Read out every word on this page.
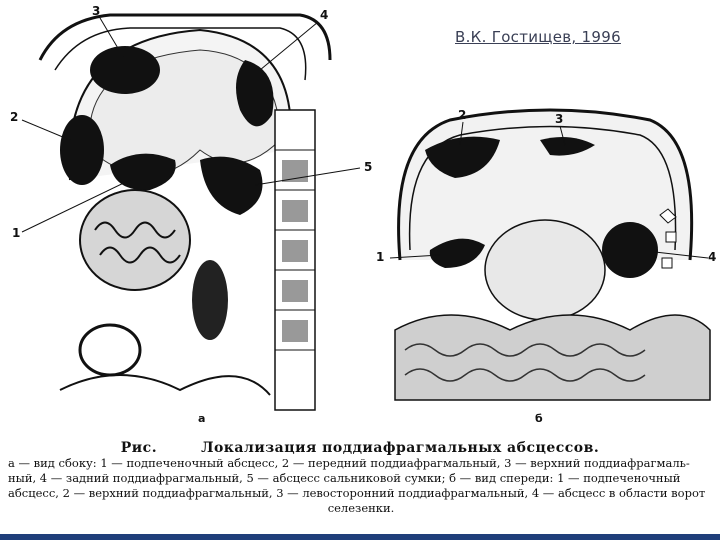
В.К. Гостищев, 1996
3	4
2
5
1
а
2	3
1	4
б
Рис.	Локализация поддиафрагмальных абсцессов.
а — вид сбоку: 1 — подпеченочный абсцесс, 2 — передний поддиафрагмальный, 3 — верхний поддиафрагмаль-
ный, 4 — задний поддиафрагмальный, 5 — абсцесс сальниковой сумки; б — вид спереди: 1 — подпеченочный
абсцесс, 2 — верхний поддиафрагмальный, 3 — левосторонний поддиафрагмальный, 4 — абсцесс в области ворот
селезенки.
